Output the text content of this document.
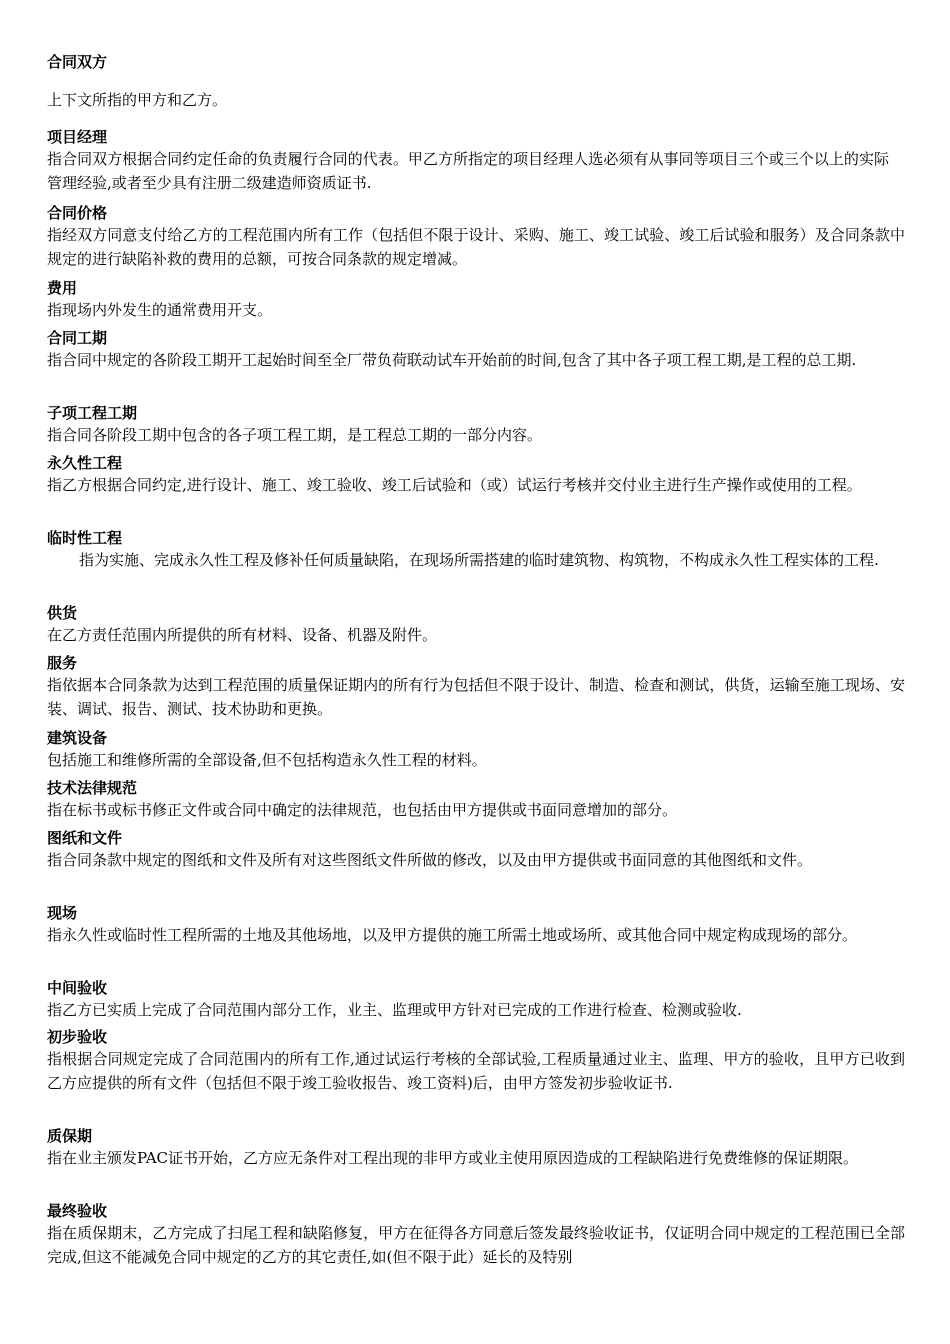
合同双方
上下文所指的甲方和乙方。
项目经理
指合同双方根据合同约定任命的负责履行合同的代表。甲乙方所指定的项目经理人选必须有从事同等项目三个或三个以上的实际管理经验,或者至少具有注册二级建造师资质证书.
合同价格
指经双方同意支付给乙方的工程范围内所有工作（包括但不限于设计、采购、施工、竣工试验、竣工后试验和服务）及合同条款中规定的进行缺陷补救的费用的总额，可按合同条款的规定增减。
费用
指现场内外发生的通常费用开支。
合同工期
指合同中规定的各阶段工期开工起始时间至全厂带负荷联动试车开始前的时间,包含了其中各子项工程工期,是工程的总工期.
子项工程工期
指合同各阶段工期中包含的各子项工程工期，是工程总工期的一部分内容。
永久性工程
指乙方根据合同约定,进行设计、施工、竣工验收、竣工后试验和（或）试运行考核并交付业主进行生产操作或使用的工程。
临时性工程
指为实施、完成永久性工程及修补任何质量缺陷，在现场所需搭建的临时建筑物、构筑物，不构成永久性工程实体的工程.
供货
在乙方责任范围内所提供的所有材料、设备、机器及附件。
服务
指依据本合同条款为达到工程范围的质量保证期内的所有行为包括但不限于设计、制造、检查和测试，供货，运输至施工现场、安装、调试、报告、测试、技术协助和更换。
建筑设备
包括施工和维修所需的全部设备,但不包括构造永久性工程的材料。
技术法律规范
指在标书或标书修正文件或合同中确定的法律规范，也包括由甲方提供或书面同意增加的部分。
图纸和文件
指合同条款中规定的图纸和文件及所有对这些图纸文件所做的修改，以及由甲方提供或书面同意的其他图纸和文件。
现场
指永久性或临时性工程所需的土地及其他场地，以及甲方提供的施工所需土地或场所、或其他合同中规定构成现场的部分。
中间验收
指乙方已实质上完成了合同范围内部分工作，业主、监理或甲方针对已完成的工作进行检查、检测或验收.
初步验收
指根据合同规定完成了合同范围内的所有工作,通过试运行考核的全部试验,工程质量通过业主、监理、甲方的验收，且甲方已收到乙方应提供的所有文件（包括但不限于竣工验收报告、竣工资料)后，由甲方签发初步验收证书.
质保期
指在业主颁发PAC证书开始，乙方应无条件对工程出现的非甲方或业主使用原因造成的工程缺陷进行免费维修的保证期限。
最终验收
指在质保期末，乙方完成了扫尾工程和缺陷修复，甲方在征得各方同意后签发最终验收证书，仅证明合同中规定的工程范围已全部完成,但这不能减免合同中规定的乙方的其它责任,如(但不限于此）延长的及特别
